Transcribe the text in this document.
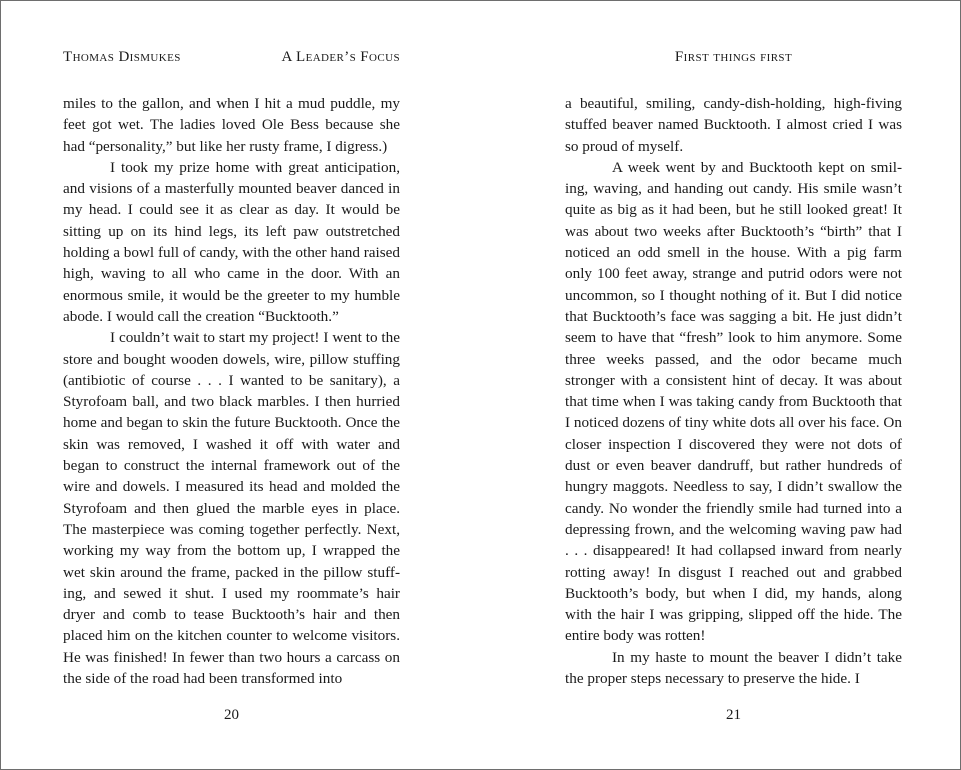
Thomas Dismukes	A Leader’s Focus

miles to the gallon, and when I hit a mud puddle, my feet got wet. The ladies loved Ole Bess because she had “personality,” but like her rusty frame, I digress.)

I took my prize home with great anticipation, and visions of a masterfully mounted beaver danced in my head. I could see it as clear as day. It would be sitting up on its hind legs, its left paw outstretched holding a bowl full of candy, with the other hand raised high, waving to all who came in the door. With an enormous smile, it would be the greeter to my humble abode. I would call the creation “Bucktooth.”

I couldn’t wait to start my project! I went to the store and bought wooden dowels, wire, pillow stuffing (antibiotic of course . . . I wanted to be sanitary), a Styrofoam ball, and two black marbles. I then hurried home and began to skin the future Bucktooth. Once the skin was removed, I washed it off with water and began to construct the internal framework out of the wire and dowels. I measured its head and molded the Styrofoam and then glued the marble eyes in place. The masterpiece was coming together perfectly. Next, working my way from the bottom up, I wrapped the wet skin around the frame, packed in the pillow stuffing, and sewed it shut. I used my roommate’s hair dryer and comb to tease Bucktooth’s hair and then placed him on the kitchen counter to welcome visitors. He was finished! In fewer than two hours a carcass on the side of the road had been transformed into

20
First things first

a beautiful, smiling, candy-dish-holding, high-fiving stuffed beaver named Bucktooth. I almost cried I was so proud of myself.

A week went by and Bucktooth kept on smiling, waving, and handing out candy. His smile wasn’t quite as big as it had been, but he still looked great! It was about two weeks after Bucktooth’s “birth” that I noticed an odd smell in the house. With a pig farm only 100 feet away, strange and putrid odors were not uncommon, so I thought nothing of it. But I did notice that Bucktooth’s face was sagging a bit. He just didn’t seem to have that “fresh” look to him anymore. Some three weeks passed, and the odor became much stronger with a consistent hint of decay. It was about that time when I was taking candy from Bucktooth that I noticed dozens of tiny white dots all over his face. On closer inspection I discovered they were not dots of dust or even beaver dandruff, but rather hundreds of hungry maggots. Needless to say, I didn’t swallow the candy. No wonder the friendly smile had turned into a depressing frown, and the welcoming waving paw had . . . disappeared! It had collapsed inward from nearly rotting away! In disgust I reached out and grabbed Bucktooth’s body, but when I did, my hands, along with the hair I was gripping, slipped off the hide. The entire body was rotten!

In my haste to mount the beaver I didn’t take the proper steps necessary to preserve the hide. I

21
